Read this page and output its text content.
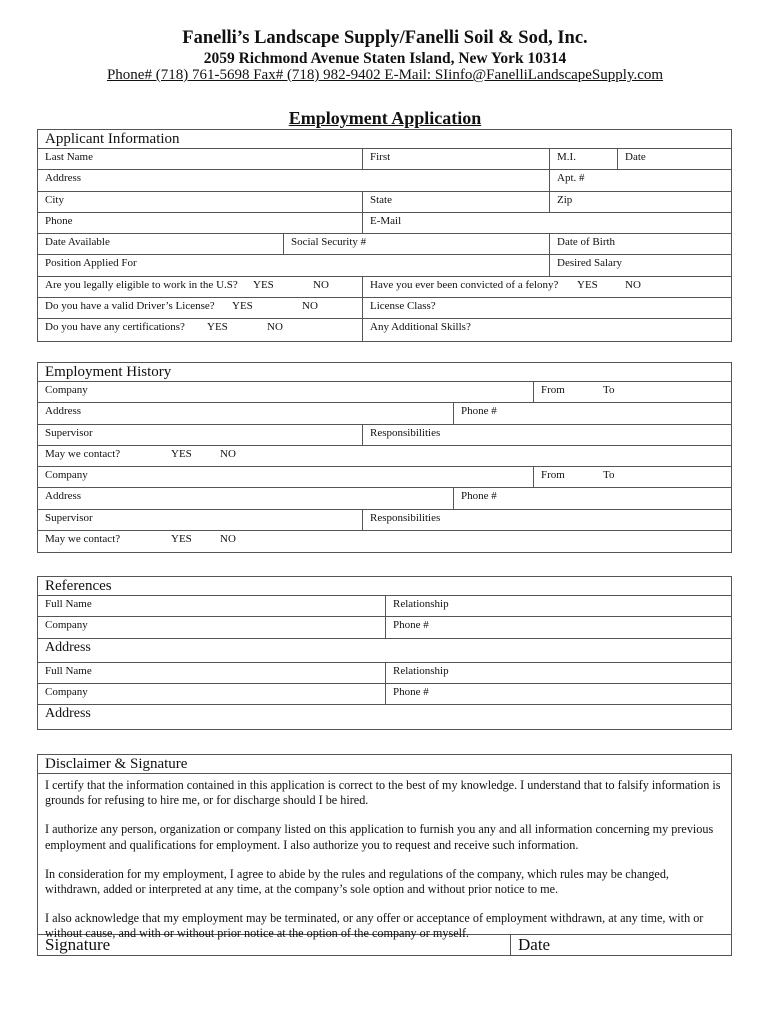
Fanelli’s Landscape Supply/Fanelli Soil & Sod, Inc.
2059 Richmond Avenue Staten Island, New York 10314
Phone# (718) 761-5698 Fax# (718) 982-9402 E-Mail: SIinfo@FanelliLandscapeSupply.com
Employment Application
Applicant Information
Last Name	First	M.I.	Date
Address	Apt. #
City	State	Zip
Phone	E-Mail
Date Available	Social Security #	Date of Birth
Position Applied For	Desired Salary
Are you legally eligible to work in the U.S?	YES	NO	Have you ever been convicted of a felony?	YES NO
Do you have a valid Driver’s License?	YES	NO	License Class?
Do you have any certifications?	YES	NO	Any Additional Skills?
Employment History
Company	From	To
Address	Phone #
Supervisor	Responsibilities
May we contact?	YES	NO
Company	From	To
Address	Phone #
Supervisor	Responsibilities
May we contact?	YES	NO
References
Full Name	Relationship
Company	Phone #
Address
Full Name	Relationship
Company	Phone #
Address
Disclaimer & Signature

I certify that the information contained in this application is correct to the best of my knowledge. I understand that to falsify information is grounds for refusing to hire me, or for discharge should I be hired.

I authorize any person, organization or company listed on this application to furnish you any and all information concerning my previous employment and qualifications for employment. I also authorize you to request and receive such information.

In consideration for my employment, I agree to abide by the rules and regulations of the company, which rules may be changed, withdrawn, added or interpreted at any time, at the company’s sole option and without prior notice to me.

I also acknowledge that my employment may be terminated, or any offer or acceptance of employment withdrawn, at any time, with or without cause, and with or without prior notice at the option of the company or myself.

Signature	Date
